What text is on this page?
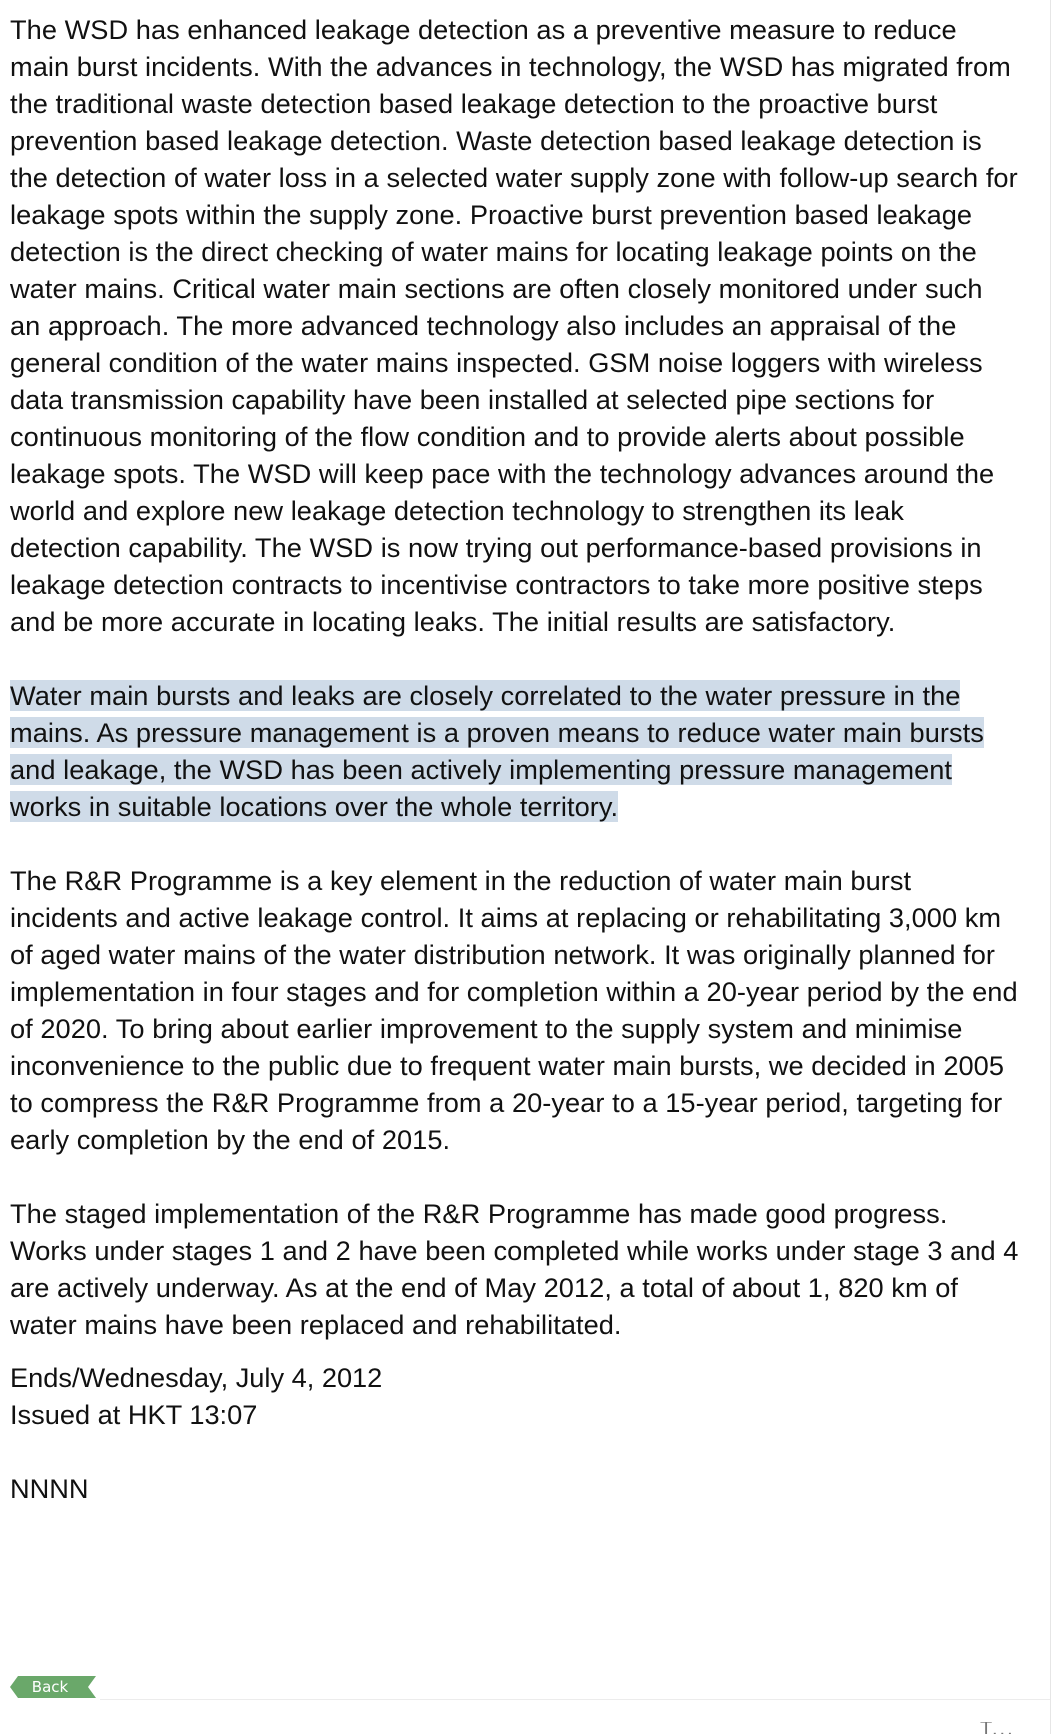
The WSD has enhanced leakage detection as a preventive measure to reduce main burst incidents. With the advances in technology, the WSD has migrated from the traditional waste detection based leakage detection to the proactive burst prevention based leakage detection. Waste detection based leakage detection is the detection of water loss in a selected water supply zone with follow-up search for leakage spots within the supply zone. Proactive burst prevention based leakage detection is the direct checking of water mains for locating leakage points on the water mains. Critical water main sections are often closely monitored under such an approach. The more advanced technology also includes an appraisal of the general condition of the water mains inspected. GSM noise loggers with wireless data transmission capability have been installed at selected pipe sections for continuous monitoring of the flow condition and to provide alerts about possible leakage spots. The WSD will keep pace with the technology advances around the world and explore new leakage detection technology to strengthen its leak detection capability. The WSD is now trying out performance-based provisions in leakage detection contracts to incentivise contractors to take more positive steps and be more accurate in locating leaks. The initial results are satisfactory.

Water main bursts and leaks are closely correlated to the water pressure in the mains. As pressure management is a proven means to reduce water main bursts and leakage, the WSD has been actively implementing pressure management works in suitable locations over the whole territory.

The R&R Programme is a key element in the reduction of water main burst incidents and active leakage control. It aims at replacing or rehabilitating 3,000 km of aged water mains of the water distribution network. It was originally planned for implementation in four stages and for completion within a 20-year period by the end of 2020. To bring about earlier improvement to the supply system and minimise inconvenience to the public due to frequent water main bursts, we decided in 2005 to compress the R&R Programme from a 20-year to a 15-year period, targeting for early completion by the end of 2015.

The staged implementation of the R&R Programme has made good progress. Works under stages 1 and 2 have been completed while works under stage 3 and 4 are actively underway. As at the end of May 2012, a total of about 1, 820 km of water mains have been replaced and rehabilitated.

Ends/Wednesday, July 4, 2012

Issued at HKT 13:07

NNNN

Back
T...
